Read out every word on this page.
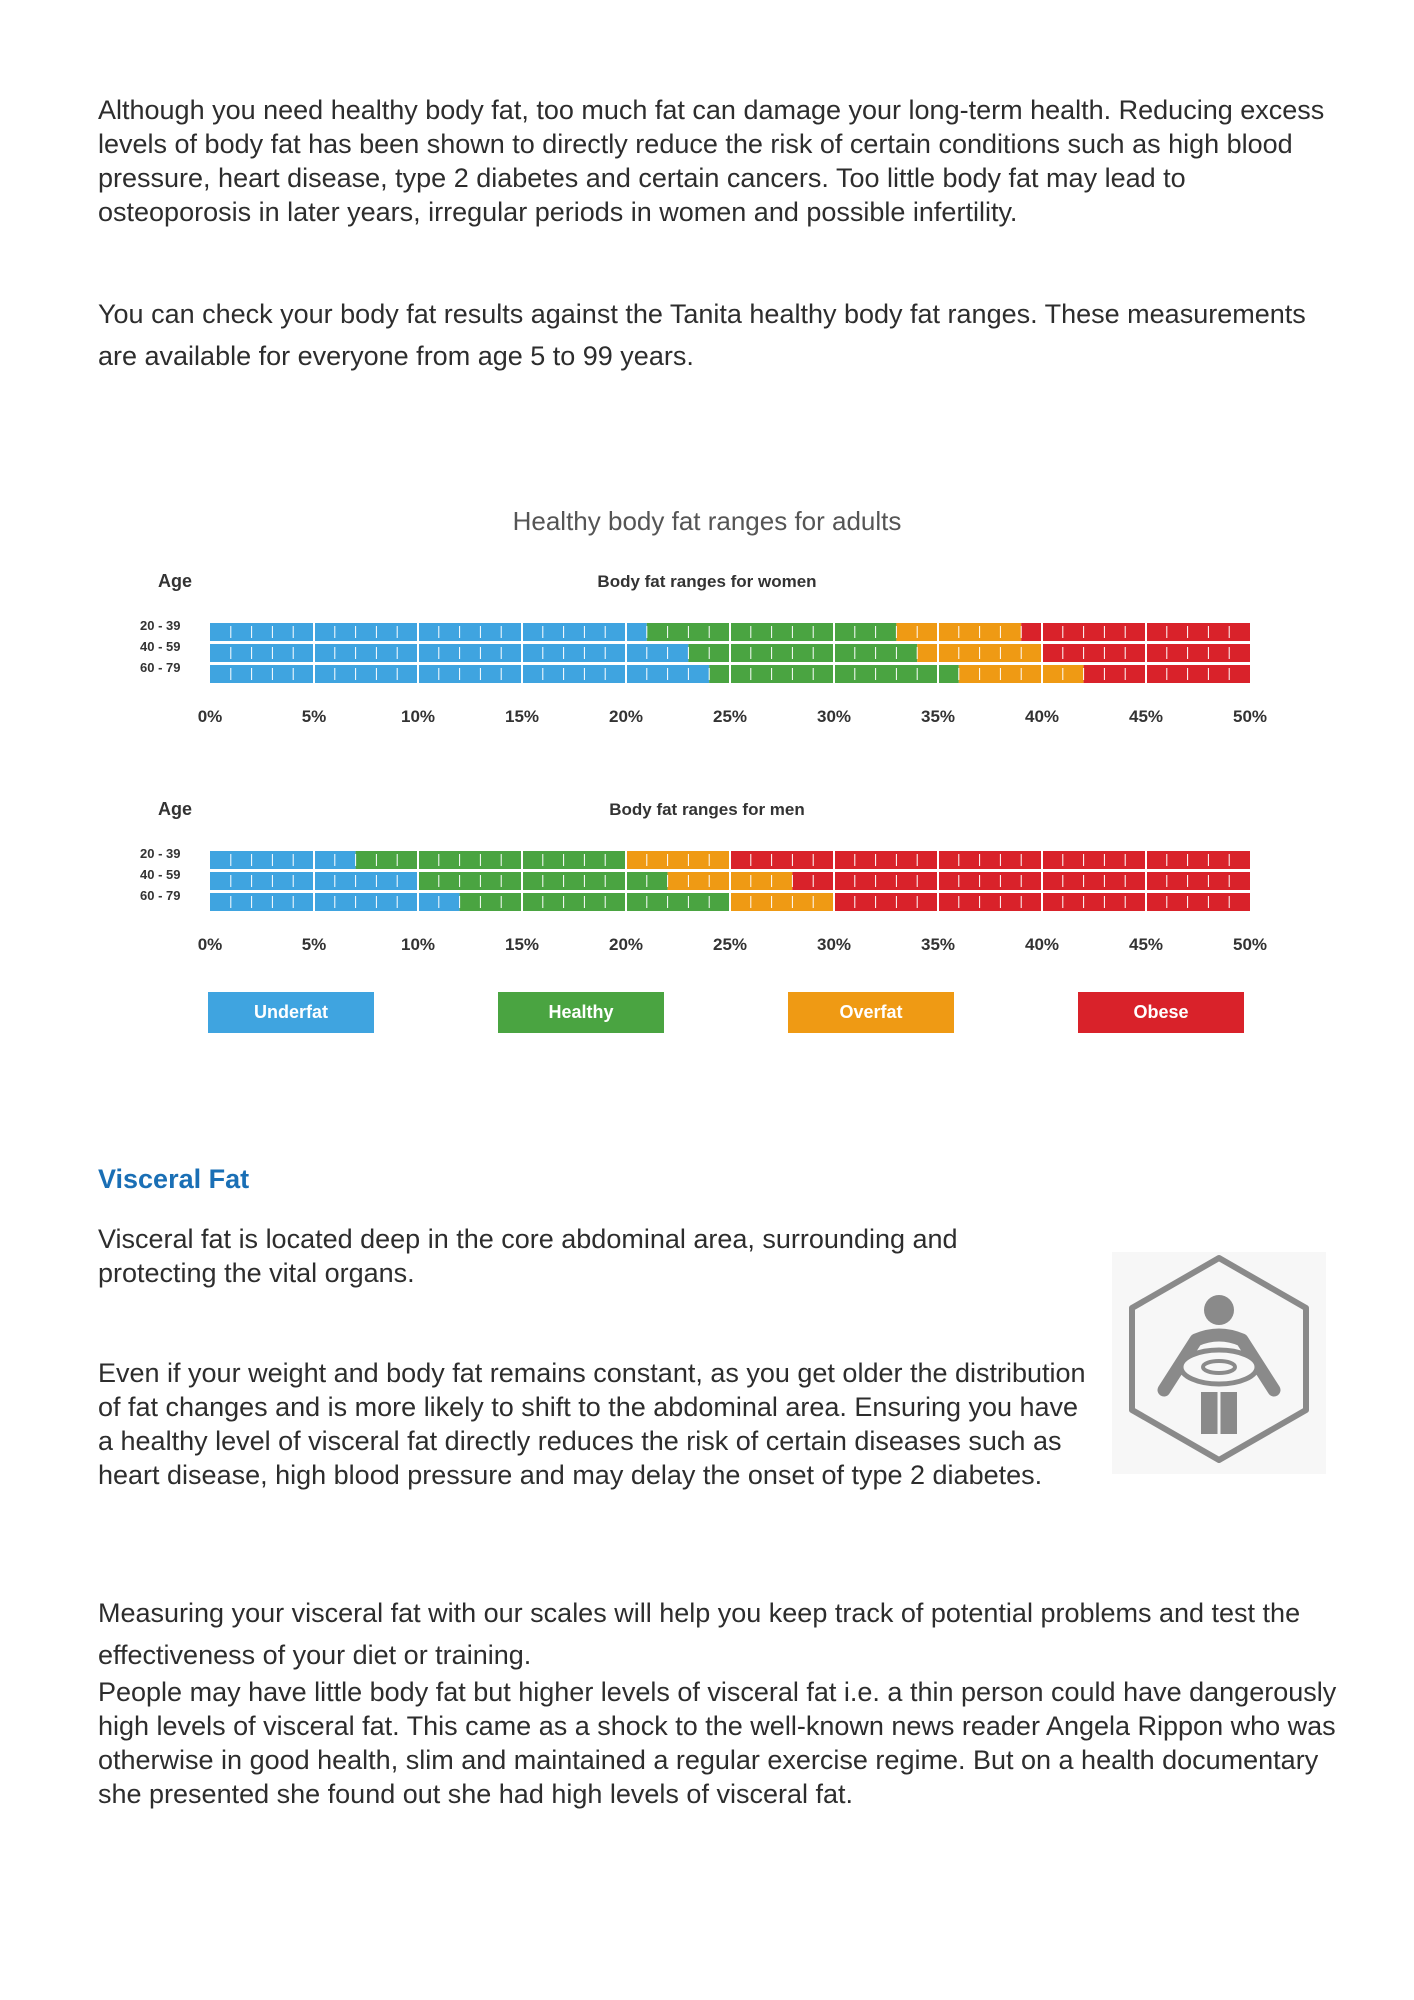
Although you need healthy body fat, too much fat can damage your long-term health. Reducing excess levels of body fat has been shown to directly reduce the risk of certain conditions such as high blood pressure, heart disease, type 2 diabetes and certain cancers. Too little body fat may lead to osteoporosis in later years, irregular periods in women and possible infertility.

You can check your body fat results against the Tanita healthy body fat ranges. These measurements are available for everyone from age 5 to 99 years.

Healthy body fat ranges for adults
Age	Body fat ranges for women
20 - 39
40 - 59
60 - 79
Age	Body fat ranges for men
20 - 39
40 - 59
60 - 79
0%	5%	10%	15%	20%	25%	30%	35%	40%	45%	50%
0%	5%	10%	15%	20%	25%	30%	35%	40%	45%	50%
Underfat	Healthy	Overfat	Obese
Visceral Fat

Visceral fat is located deep in the core abdominal area, surrounding and protecting the vital organs.

Even if your weight and body fat remains constant, as you get older the distribution of fat changes and is more likely to shift to the abdominal area. Ensuring you have a healthy level of visceral fat directly reduces the risk of certain diseases such as heart disease, high blood pressure and may delay the onset of type 2 diabetes.

Measuring your visceral fat with our scales will help you keep track of potential problems and test the effectiveness of your diet or training.

People may have little body fat but higher levels of visceral fat i.e. a thin person could have dangerously high levels of visceral fat. This came as a shock to the well-known news reader Angela Rippon who was otherwise in good health, slim and maintained a regular exercise regime. But on a health documentary she presented she found out she had high levels of visceral fat.
